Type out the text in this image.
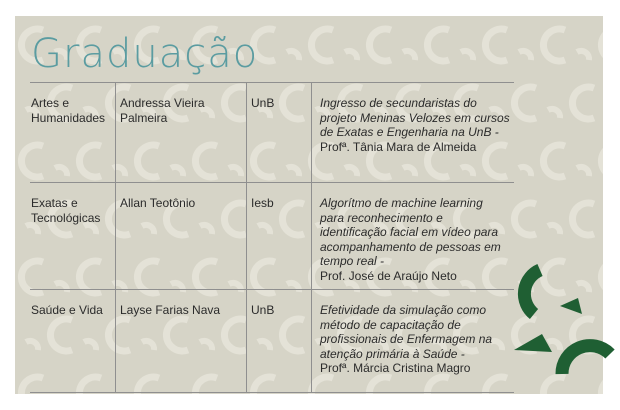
Graduação
Artes e Humanidades	Andressa Vieira Palmeira	UnB	Ingresso de secundaristas do projeto Meninas Velozes em cursos de Exatas e Engenharia na UnB -
Profª. Tânia Mara de Almeida
Exatas e Tecnológicas	Allan Teotônio	Iesb	Algorítmo de machine learning para reconhecimento e identificação facial em vídeo para acompanhamento de pessoas em tempo real -
Prof. José de Araújo Neto
Saúde e Vida	Layse Farias Nava	UnB	Efetividade da simulação como método de capacitação de profissionais de Enfermagem na atenção primária à Saúde -
Profª. Márcia Cristina Magro
